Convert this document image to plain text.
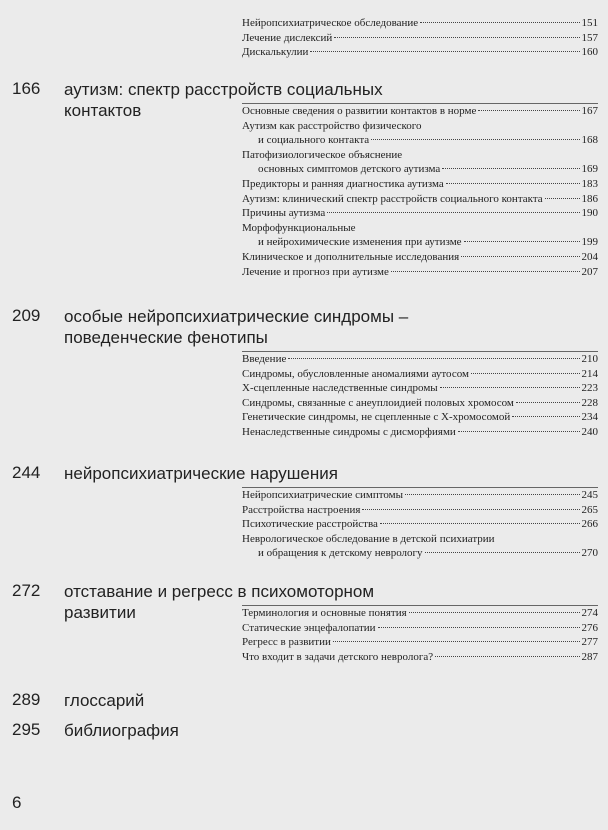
Нейропсихиатрическое обследование	151
Лечение дислексий	157
Дискалькулии	160
166 аутизм: спектр расстройств социальных контактов	Основные сведения о развитии контактов в норме	167
Аутизм как расстройство физического
и социального контакта	168
Патофизиологическое объяснение
основных симптомов детского аутизма	169
Предикторы и ранняя диагностика аутизма	183
Аутизм: клинический спектр расстройств социального контакта	186
Причины аутизма	190
Морфофункциональные
и нейрохимические изменения при аутизме	199
Клиническое и дополнительные исследования	204
Лечение и прогноз при аутизме	207
209 особые нейропсихиатрические синдромы – поведенческие фенотипы
Введение	210
Синдромы, обусловленные аномалиями аутосом	214
X-сцепленные наследственные синдромы	223
Синдромы, связанные с анеуплоидией половых хромосом	228
Генетические синдромы, не сцепленные с X-хромосомой	234
Ненаследственные синдромы с дисморфиями	240
244 нейропсихиатрические нарушения
Нейропсихиатрические симптомы	245
Расстройства настроения	265
Психотические расстройства	266
Неврологическое обследование в детской психиатрии
и обращения к детскому неврологу	270
272 отставание и регресс в психомоторном развитии	Терминология и основные понятия	274
Статические энцефалопатии	276
Регресс в развитии	277
Что входит в задачи детского невролога?	287
289 глоссарий
295 библиография
6
